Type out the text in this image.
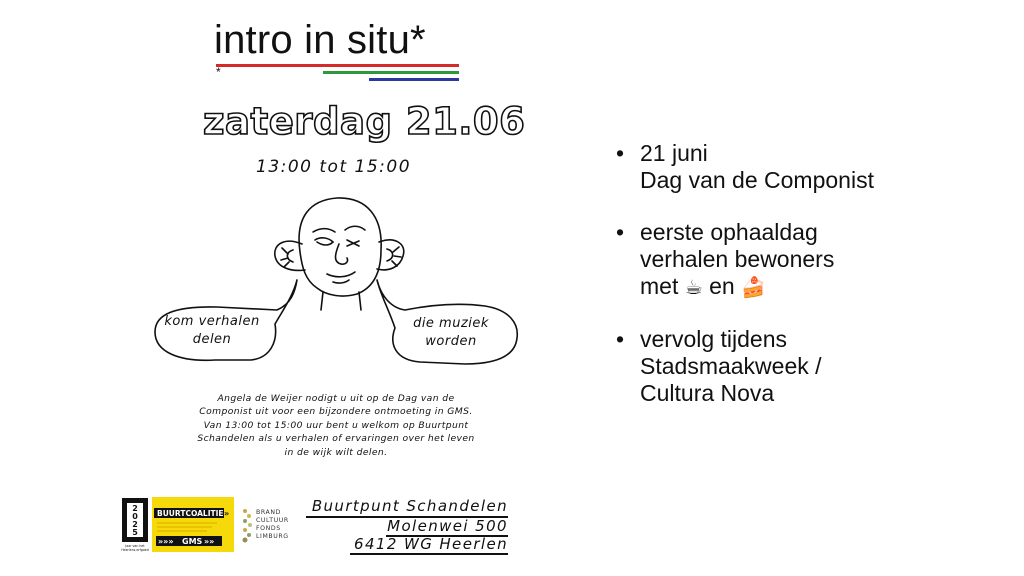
intro in situ*
*
zaterdag 21.06
13:00 tot 15:00
kom verhalen
delen
die muziek
worden
Angela de Weijer nodigt u uit op de Dag van de Componist uit voor een bijzondere ontmoeting in GMS. Van 13:00 tot 15:00 uur bent u welkom op Buurtpunt Schandelen als u verhalen of ervaringen over het leven in de wijk wilt delen.
2
0
2
5
Jaar van het
Heerlens erfgoed
BUURTCOALITIE »
»»» GMS »»
BRAND
CULTUUR
FONDS
LIMBURG
Buurtpunt Schandelen
Molenwei 500
6412 WG Heerlen
• 21 juni
Dag van de Componist
• eerste ophaaldag
verhalen bewoners
met ☕ en 🍰
• vervolg tijdens
Stadsmaakweek /
Cultura Nova
